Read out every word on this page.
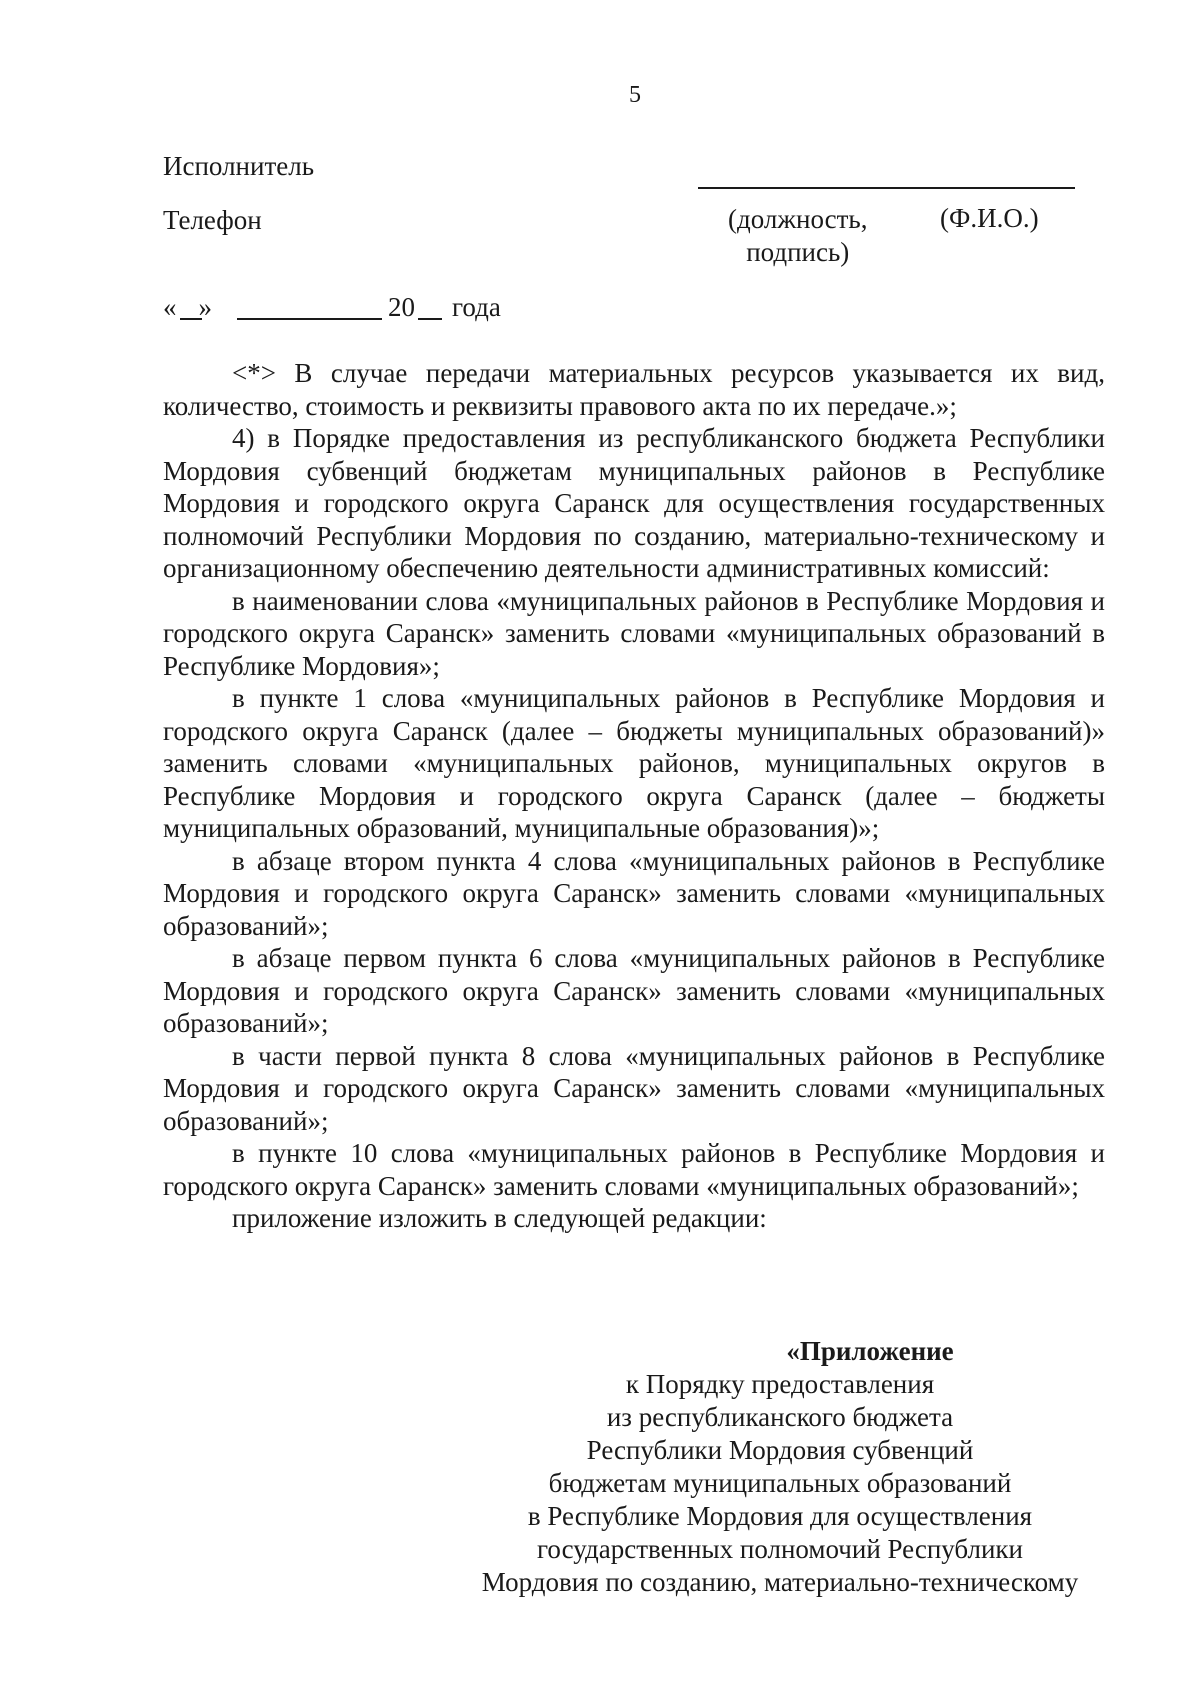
5
Исполнитель
Телефон	(должность,
подпись)
(Ф.И.О.)
« »	20 года

<*> В случае передачи материальных ресурсов указывается их вид, количество, стоимость и реквизиты правового акта по их передаче.»;

4) в Порядке предоставления из республиканского бюджета Республики Мордовия субвенций бюджетам муниципальных районов в Республике Мордовия и городского округа Саранск для осуществления государственных полномочий Республики Мордовия по созданию, материально-техническому и организационному обеспечению деятельности административных комиссий:

в наименовании слова «муниципальных районов в Республике Мордовия и городского округа Саранск» заменить словами «муниципальных образований в Республике Мордовия»;

в пункте 1 слова «муниципальных районов в Республике Мордовия и городского округа Саранск (далее – бюджеты муниципальных образований)» заменить словами «муниципальных районов, муниципальных округов в Республике Мордовия и городского округа Саранск (далее – бюджеты муниципальных образований, муниципальные образования)»;

в абзаце втором пункта 4 слова «муниципальных районов в Республике Мордовия и городского округа Саранск» заменить словами «муниципальных образований»;

в абзаце первом пункта 6 слова «муниципальных районов в Республике Мордовия и городского округа Саранск» заменить словами «муниципальных образований»;

в части первой пункта 8 слова «муниципальных районов в Республике Мордовия и городского округа Саранск» заменить словами «муниципальных образований»;

в пункте 10 слова «муниципальных районов в Республике Мордовия и городского округа Саранск» заменить словами «муниципальных образований»;

приложение изложить в следующей редакции:

«Приложение
к Порядку предоставления
из республиканского бюджета
Республики Мордовия субвенций
бюджетам муниципальных образований
в Республике Мордовия для осуществления
государственных полномочий Республики
Мордовия по созданию, материально-техническому
